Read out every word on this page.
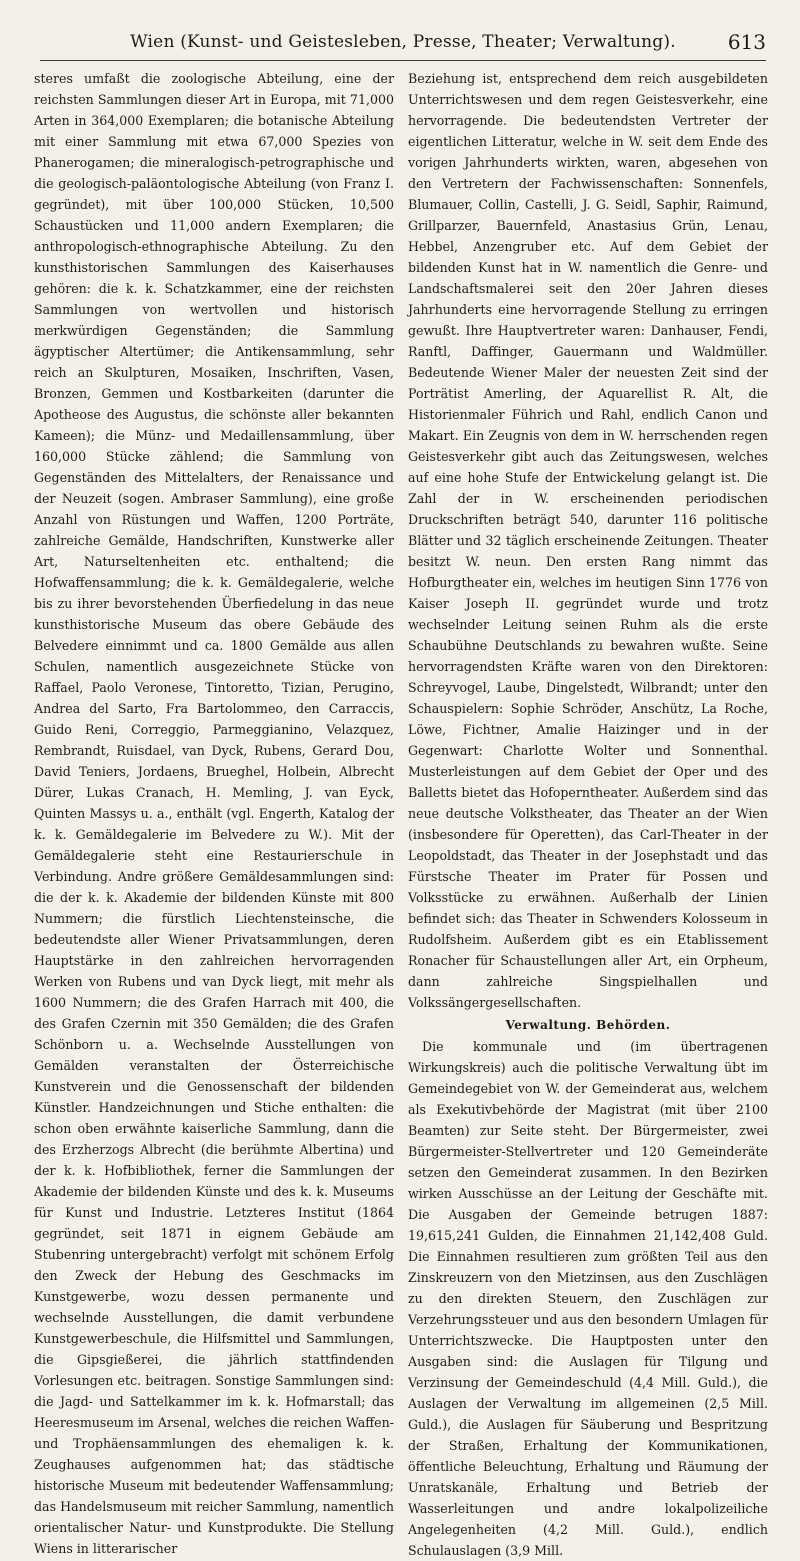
Wien (Kunst- und Geistesleben, Presse, Theater; Verwaltung).	613

steres umfaßt die zoologische Abteilung, eine der reichsten Sammlungen dieser Art in Europa, mit 71,000 Arten in 364,000 Exemplaren; die botanische Abteilung mit einer Sammlung mit etwa 67,000 Spezies von Phanerogamen; die mineralogisch-petrographische und die geologisch-paläontologische Abteilung (von Franz I. gegründet), mit über 100,000 Stücken, 10,500 Schaustücken und 11,000 andern Exemplaren; die anthropologisch-ethnographische Abteilung. Zu den kunsthistorischen Sammlungen des Kaiserhauses gehören: die k. k. Schatzkammer, eine der reichsten Sammlungen von wertvollen und historisch merkwürdigen Gegenständen; die Sammlung ägyptischer Altertümer; die Antikensammlung, sehr reich an Skulpturen, Mosaiken, Inschriften, Vasen, Bronzen, Gemmen und Kostbarkeiten (darunter die Apotheose des Augustus, die schönste aller bekannten Kameen); die Münz- und Medaillensammlung, über 160,000 Stücke zählend; die Sammlung von Gegenständen des Mittelalters, der Renaissance und der Neuzeit (sogen. Ambraser Sammlung), eine große Anzahl von Rüstungen und Waffen, 1200 Porträte, zahlreiche Gemälde, Handschriften, Kunstwerke aller Art, Naturseltenheiten etc. enthaltend; die Hofwaffensammlung; die k. k. Gemäldegalerie, welche bis zu ihrer bevorstehenden Überfiedelung in das neue kunsthistorische Museum das obere Gebäude des Belvedere einnimmt und ca. 1800 Gemälde aus allen Schulen, namentlich ausgezeichnete Stücke von Raffael, Paolo Veronese, Tintoretto, Tizian, Perugino, Andrea del Sarto, Fra Bartolommeo, den Carraccis, Guido Reni, Correggio, Parmeggianino, Velazquez, Rembrandt, Ruisdael, van Dyck, Rubens, Gerard Dou, David Teniers, Jordaens, Brueghel, Holbein, Albrecht Dürer, Lukas Cranach, H. Memling, J. van Eyck, Quinten Massys u. a., enthält (vgl. Engerth, Katalog der k. k. Gemäldegalerie im Belvedere zu W.). Mit der Gemäldegalerie steht eine Restaurierschule in Verbindung. Andre größere Gemäldesammlungen sind: die der k. k. Akademie der bildenden Künste mit 800 Nummern; die fürstlich Liechtensteinsche, die bedeutendste aller Wiener Privatsammlungen, deren Hauptstärke in den zahlreichen hervorragenden Werken von Rubens und van Dyck liegt, mit mehr als 1600 Nummern; die des Grafen Harrach mit 400, die des Grafen Czernin mit 350 Gemälden; die des Grafen Schönborn u. a. Wechselnde Ausstellungen von Gemälden veranstalten der Österreichische Kunstverein und die Genossenschaft der bildenden Künstler. Handzeichnungen und Stiche enthalten: die schon oben erwähnte kaiserliche Sammlung, dann die des Erzherzogs Albrecht (die berühmte Albertina) und der k. k. Hofbibliothek, ferner die Sammlungen der Akademie der bildenden Künste und des k. k. Museums für Kunst und Industrie. Letzteres Institut (1864 gegründet, seit 1871 in eignem Gebäude am Stubenring untergebracht) verfolgt mit schönem Erfolg den Zweck der Hebung des Geschmacks im Kunstgewerbe, wozu dessen permanente und wechselnde Ausstellungen, die damit verbundene Kunstgewerbeschule, die Hilfsmittel und Sammlungen, die Gipsgießerei, die jährlich stattfindenden Vorlesungen etc. beitragen. Sonstige Sammlungen sind: die Jagd- und Sattelkammer im k. k. Hofmarstall; das Heeresmuseum im Arsenal, welches die reichen Waffen- und Trophäensammlungen des ehemaligen k. k. Zeughauses aufgenommen hat; das städtische historische Museum mit bedeutender Waffensammlung; das Handelsmuseum mit reicher Sammlung, namentlich orientalischer Natur- und Kunstprodukte. Die Stellung Wiens in litterarischer

Beziehung ist, entsprechend dem reich ausgebildeten Unterrichtswesen und dem regen Geistesverkehr, eine hervorragende. Die bedeutendsten Vertreter der eigentlichen Litteratur, welche in W. seit dem Ende des vorigen Jahrhunderts wirkten, waren, abgesehen von den Vertretern der Fachwissenschaften: Sonnenfels, Blumauer, Collin, Castelli, J. G. Seidl, Saphir, Raimund, Grillparzer, Bauernfeld, Anastasius Grün, Lenau, Hebbel, Anzengruber etc. Auf dem Gebiet der bildenden Kunst hat in W. namentlich die Genre- und Landschaftsmalerei seit den 20er Jahren dieses Jahrhunderts eine hervorragende Stellung zu erringen gewußt. Ihre Hauptvertreter waren: Danhauser, Fendi, Ranftl, Daffinger, Gauermann und Waldmüller. Bedeutende Wiener Maler der neuesten Zeit sind der Porträtist Amerling, der Aquarellist R. Alt, die Historienmaler Führich und Rahl, endlich Canon und Makart. Ein Zeugnis von dem in W. herrschenden regen Geistesverkehr gibt auch das Zeitungswesen, welches auf eine hohe Stufe der Entwickelung gelangt ist. Die Zahl der in W. erscheinenden periodischen Druckschriften beträgt 540, darunter 116 politische Blätter und 32 täglich erscheinende Zeitungen. Theater besitzt W. neun. Den ersten Rang nimmt das Hofburgtheater ein, welches im heutigen Sinn 1776 von Kaiser Joseph II. gegründet wurde und trotz wechselnder Leitung seinen Ruhm als die erste Schaubühne Deutschlands zu bewahren wußte. Seine hervorragendsten Kräfte waren von den Direktoren: Schreyvogel, Laube, Dingelstedt, Wilbrandt; unter den Schauspielern: Sophie Schröder, Anschütz, La Roche, Löwe, Fichtner, Amalie Haizinger und in der Gegenwart: Charlotte Wolter und Sonnenthal. Musterleistungen auf dem Gebiet der Oper und des Balletts bietet das Hofoperntheater. Außerdem sind das neue deutsche Volkstheater, das Theater an der Wien (insbesondere für Operetten), das Carl-Theater in der Leopoldstadt, das Theater in der Josephstadt und das Fürstsche Theater im Prater für Possen und Volksstücke zu erwähnen. Außerhalb der Linien befindet sich: das Theater in Schwenders Kolosseum in Rudolfsheim. Außerdem gibt es ein Etablissement Ronacher für Schaustellungen aller Art, ein Orpheum, dann zahlreiche Singspielhallen und Volkssängergesellschaften.

Verwaltung. Behörden.

Die kommunale und (im übertragenen Wirkungskreis) auch die politische Verwaltung übt im Gemeindegebiet von W. der Gemeinderat aus, welchem als Exekutivbehörde der Magistrat (mit über 2100 Beamten) zur Seite steht. Der Bürgermeister, zwei Bürgermeister-Stellvertreter und 120 Gemeinderäte setzen den Gemeinderat zusammen. In den Bezirken wirken Ausschüsse an der Leitung der Geschäfte mit. Die Ausgaben der Gemeinde betrugen 1887: 19,615,241 Gulden, die Einnahmen 21,142,408 Guld. Die Einnahmen resultieren zum größten Teil aus den Zinskreuzern von den Mietzinsen, aus den Zuschlägen zu den direkten Steuern, den Zuschlägen zur Verzehrungssteuer und aus den besondern Umlagen für Unterrichtszwecke. Die Hauptposten unter den Ausgaben sind: die Auslagen für Tilgung und Verzinsung der Gemeindeschuld (4,4 Mill. Guld.), die Auslagen der Verwaltung im allgemeinen (2,5 Mill. Guld.), die Auslagen für Säuberung und Bespritzung der Straßen, Erhaltung der Kommunikationen, öffentliche Beleuchtung, Erhaltung und Räumung der Unratskanäle, Erhaltung und Betrieb der Wasserleitungen und andre lokalpolizeiliche Angelegenheiten (4,2 Mill. Guld.), endlich Schulauslagen (3,9 Mill.
